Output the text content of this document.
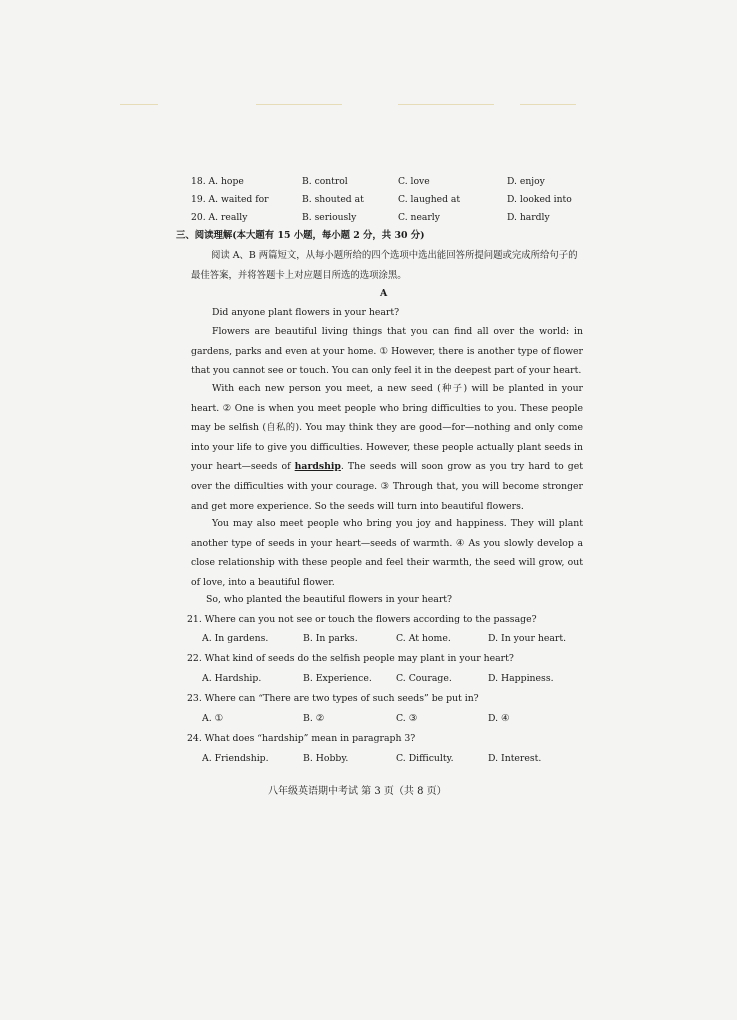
18. A. hope	B. control	C. love	D. enjoy
19. A. waited for	B. shouted at	C. laughed at	D. looked into
20. A. really	B. seriously	C. nearly	D. hardly
三、阅读理解(本大题有 15 小题，每小题 2 分，共 30 分)
阅读 A、B 两篇短文，从每小题所给的四个选项中选出能回答所提问题或完成所给句子的最佳答案，并将答题卡上对应题目所选的选项涂黑。
A
Did anyone plant flowers in your heart?
Flowers are beautiful living things that you can find all over the world: in gardens, parks and even at your home. ① However, there is another type of flower that you cannot see or touch. You can only feel it in the deepest part of your heart.
With each new person you meet, a new seed (种子) will be planted in your heart. ② One is when you meet people who bring difficulties to you. These people may be selfish (自私的). You may think they are good—for—nothing and only come into your life to give you difficulties. However, these people actually plant seeds in your heart—seeds of hardship. The seeds will soon grow as you try hard to get over the difficulties with your courage. ③ Through that, you will become stronger and get more experience. So the seeds will turn into beautiful flowers.
You may also meet people who bring you joy and happiness. They will plant another type of seeds in your heart—seeds of warmth. ④ As you slowly develop a close relationship with these people and feel their warmth, the seed will grow, out of love, into a beautiful flower.
So, who planted the beautiful flowers in your heart?
21. Where can you not see or touch the flowers according to the passage?
A. In gardens.	B. In parks.	C. At home.	D. In your heart.
22. What kind of seeds do the selfish people may plant in your heart?
A. Hardship.	B. Experience.	C. Courage.	D. Happiness.
23. Where can “There are two types of such seeds” be put in?
A. ①	B. ②	C. ③	D. ④
24. What does “hardship” mean in paragraph 3?
A. Friendship.	B. Hobby.	C. Difficulty.	D. Interest.
八年级英语期中考试 第 3 页（共 8 页）
